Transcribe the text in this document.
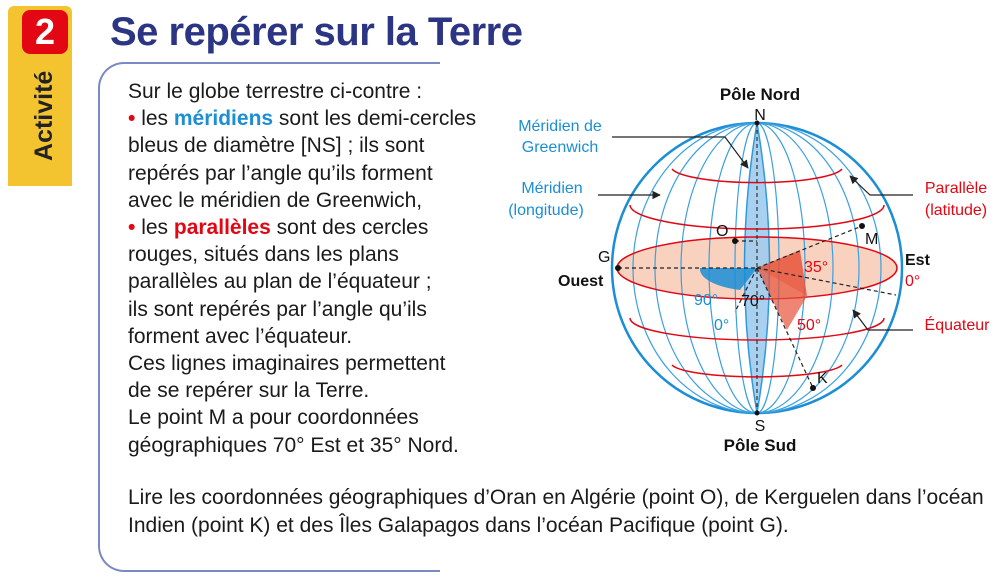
2
Activité
Se repérer sur la Terre
Sur le globe terrestre ci-contre :
• les méridiens sont les demi-cercles
bleus de diamètre [NS] ; ils sont
repérés par l’angle qu’ils forment
avec le méridien de Greenwich,
• les parallèles sont des cercles
rouges, situés dans les plans
parallèles au plan de l’équateur ;
ils sont repérés par l’angle qu’ils
forment avec l’équateur.
Ces lignes imaginaires permettent
de se repérer sur la Terre.
Le point M a pour coordonnées
géographiques 70° Est et 35° Nord.
Lire les coordonnées géographiques d’Oran en Algérie (point O), de Kerguelen dans l’océan
Indien (point K) et des Îles Galapagos dans l’océan Pacifique (point G).
Pôle Nord
N
S
Pôle Sud
Méridien de
Greenwich
Méridien
(longitude)
Parallèle
(latitude)
Équateur
Ouest
G	Est
0°
O	M
K
90°
0°
70°
35°
50°
